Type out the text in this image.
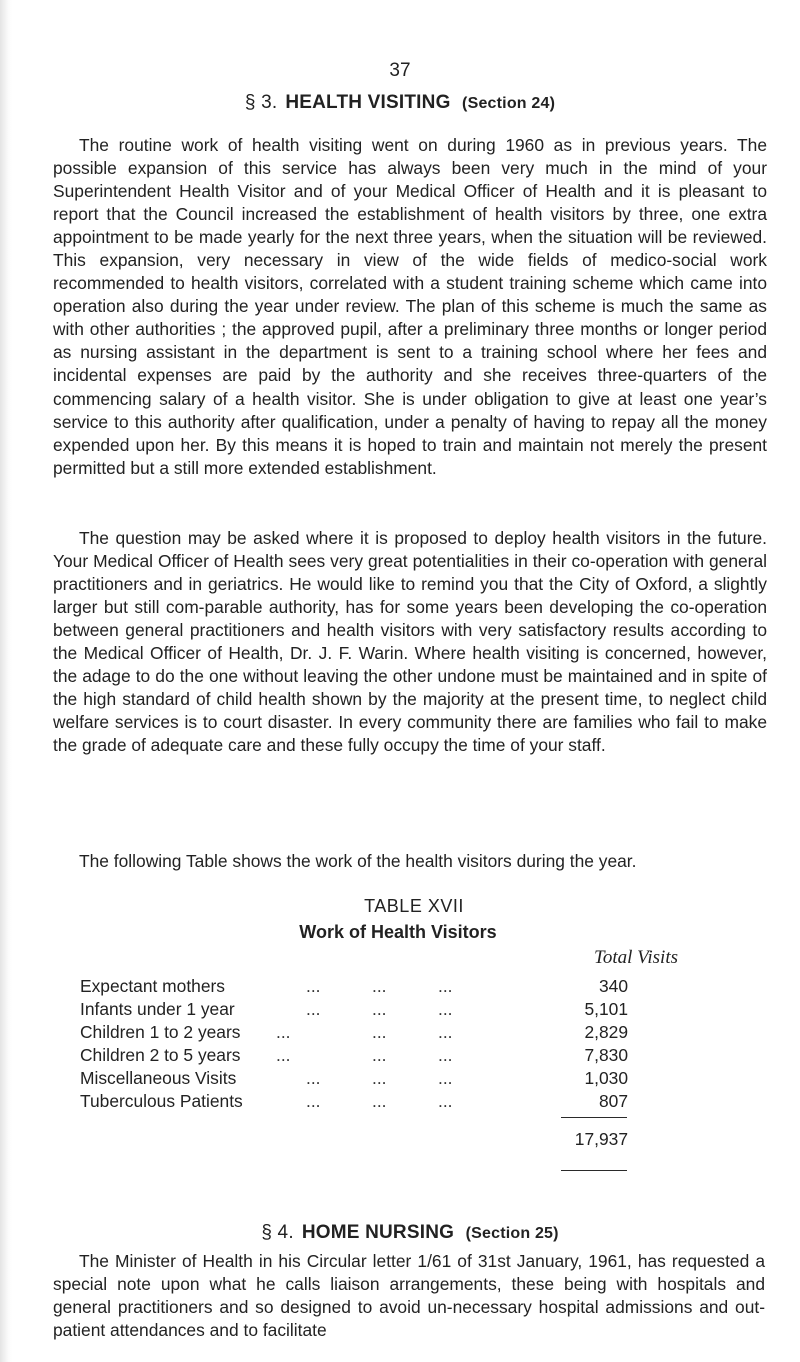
37
§ 3. HEALTH VISITING (Section 24)

The routine work of health visiting went on during 1960 as in previous years. The possible expansion of this service has always been very much in the mind of your Superintendent Health Visitor and of your Medical Officer of Health and it is pleasant to report that the Council increased the establishment of health visitors by three, one extra appointment to be made yearly for the next three years, when the situation will be reviewed. This expansion, very necessary in view of the wide fields of medico-social work recommended to health visitors, correlated with a student training scheme which came into operation also during the year under review. The plan of this scheme is much the same as with other authorities ; the approved pupil, after a preliminary three months or longer period as nursing assistant in the department is sent to a training school where her fees and incidental expenses are paid by the authority and she receives three-quarters of the commencing salary of a health visitor. She is under obligation to give at least one year’s service to this authority after qualification, under a penalty of having to repay all the money expended upon her. By this means it is hoped to train and maintain not merely the present permitted but a still more extended establishment.

The question may be asked where it is proposed to deploy health visitors in the future. Your Medical Officer of Health sees very great potentialities in their co-operation with general practitioners and in geriatrics. He would like to remind you that the City of Oxford, a slightly larger but still com-parable authority, has for some years been developing the co-operation between general practitioners and health visitors with very satisfactory results according to the Medical Officer of Health, Dr. J. F. Warin. Where health visiting is concerned, however, the adage to do the one without leaving the other undone must be maintained and in spite of the high standard of child health shown by the majority at the present time, to neglect child welfare services is to court disaster. In every community there are families who fail to make the grade of adequate care and these fully occupy the time of your staff.

The following Table shows the work of the health visitors during the year.

TABLE XVII
Work of Health Visitors
Total Visits
Expectant mothers	...	...	...	340
Infants under 1 year	...	...	...	5,101
Children 1 to 2 years ...	...	...	2,829
Children 2 to 5 years ...	...	...	7,830
Miscellaneous Visits	...	...	...	1,030
Tuberculous Patients	...	...	...	807
17,937
§ 4. HOME NURSING (Section 25)

The Minister of Health in his Circular letter 1/61 of 31st January, 1961, has requested a special note upon what he calls liaison arrangements, these being with hospitals and general practitioners and so designed to avoid un-necessary hospital admissions and out-patient attendances and to facilitate
